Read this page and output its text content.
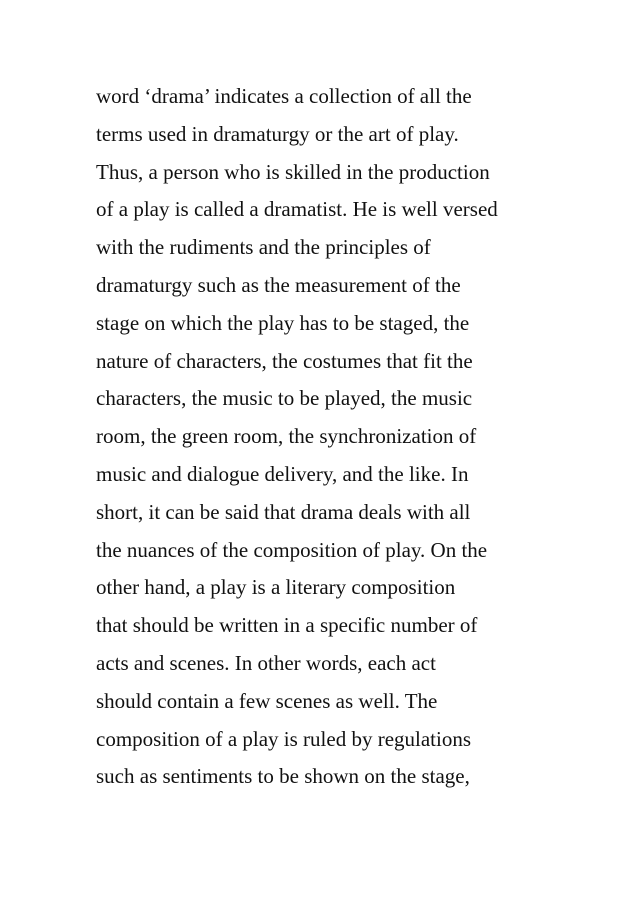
word ‘drama’ indicates a collection of all the
terms used in dramaturgy or the art of play.
Thus, a person who is skilled in the production
of a play is called a dramatist. He is well versed
with the rudiments and the principles of
dramaturgy such as the measurement of the
stage on which the play has to be staged, the
nature of characters, the costumes that fit the
characters, the music to be played, the music
room, the green room, the synchronization of
music and dialogue delivery, and the like. In
short, it can be said that drama deals with all
the nuances of the composition of play. On the
other hand, a play is a literary composition
that should be written in a specific number of
acts and scenes. In other words, each act
should contain a few scenes as well. The
composition of a play is ruled by regulations
such as sentiments to be shown on the stage,
